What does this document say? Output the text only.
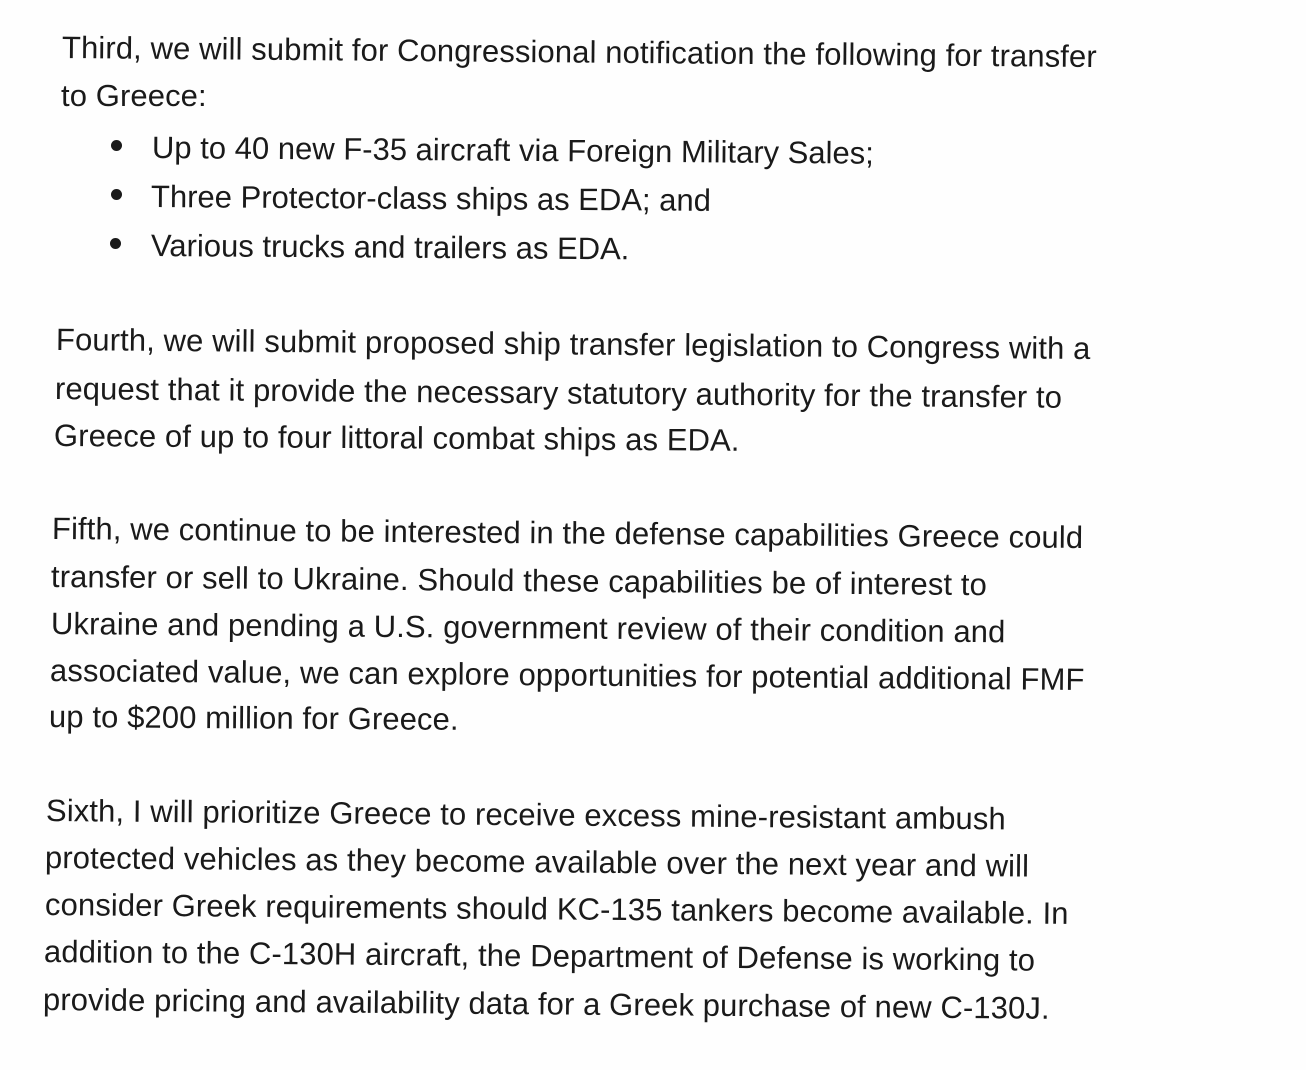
Third, we will submit for Congressional notification the following for transfer
to Greece:
Up to 40 new F-35 aircraft via Foreign Military Sales;
Three Protector-class ships as EDA; and
Various trucks and trailers as EDA.
Fourth, we will submit proposed ship transfer legislation to Congress with a
request that it provide the necessary statutory authority for the transfer to
Greece of up to four littoral combat ships as EDA.
Fifth, we continue to be interested in the defense capabilities Greece could
transfer or sell to Ukraine. Should these capabilities be of interest to
Ukraine and pending a U.S. government review of their condition and
associated value, we can explore opportunities for potential additional FMF
up to $200 million for Greece.
Sixth, I will prioritize Greece to receive excess mine-resistant ambush
protected vehicles as they become available over the next year and will
consider Greek requirements should KC-135 tankers become available. In
addition to the C-130H aircraft, the Department of Defense is working to
provide pricing and availability data for a Greek purchase of new C-130J.
